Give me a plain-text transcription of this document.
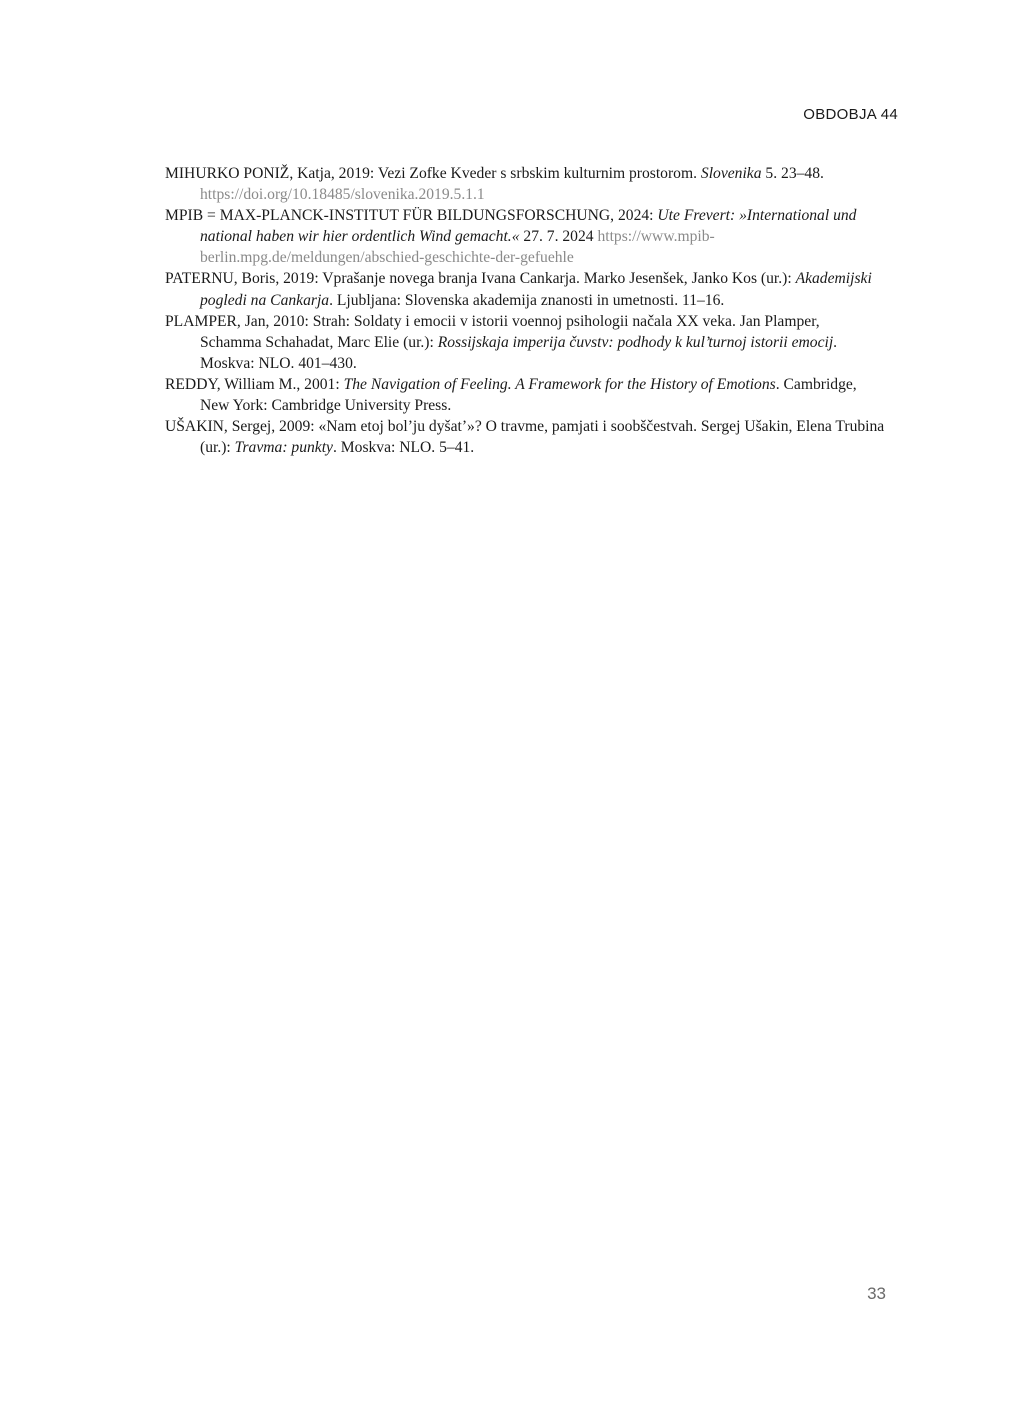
OBDOBJA 44

MIHURKO PONIŽ, Katja, 2019: Vezi Zofke Kveder s srbskim kulturnim prostorom. Slovenika 5. 23–48. https://doi.org/10.18485/slovenika.2019.5.1.1

MPIB = MAX-PLANCK-INSTITUT FÜR BILDUNGSFORSCHUNG, 2024: Ute Frevert: »International und national haben wir hier ordentlich Wind gemacht.« 27. 7. 2024 https://www.mpib-berlin.mpg.de/meldungen/abschied-geschichte-der-gefuehle

PATERNU, Boris, 2019: Vprašanje novega branja Ivana Cankarja. Marko Jesenšek, Janko Kos (ur.): Akademijski pogledi na Cankarja. Ljubljana: Slovenska akademija znanosti in umetnosti. 11–16.

PLAMPER, Jan, 2010: Strah: Soldaty i emocii v istorii voennoj psihologii načala XX veka. Jan Plamper, Schamma Schahadat, Marc Elie (ur.): Rossijskaja imperija čuvstv: podhody k kul’turnoj istorii emocij. Moskva: NLO. 401–430.

REDDY, William M., 2001: The Navigation of Feeling. A Framework for the History of Emotions. Cambridge, New York: Cambridge University Press.

UŠAKIN, Sergej, 2009: «Nam etoj bol’ju dyšat’»? O travme, pamjati i soobščestvah. Sergej Ušakin, Elena Trubina (ur.): Travma: punkty. Moskva: NLO. 5–41.

33
